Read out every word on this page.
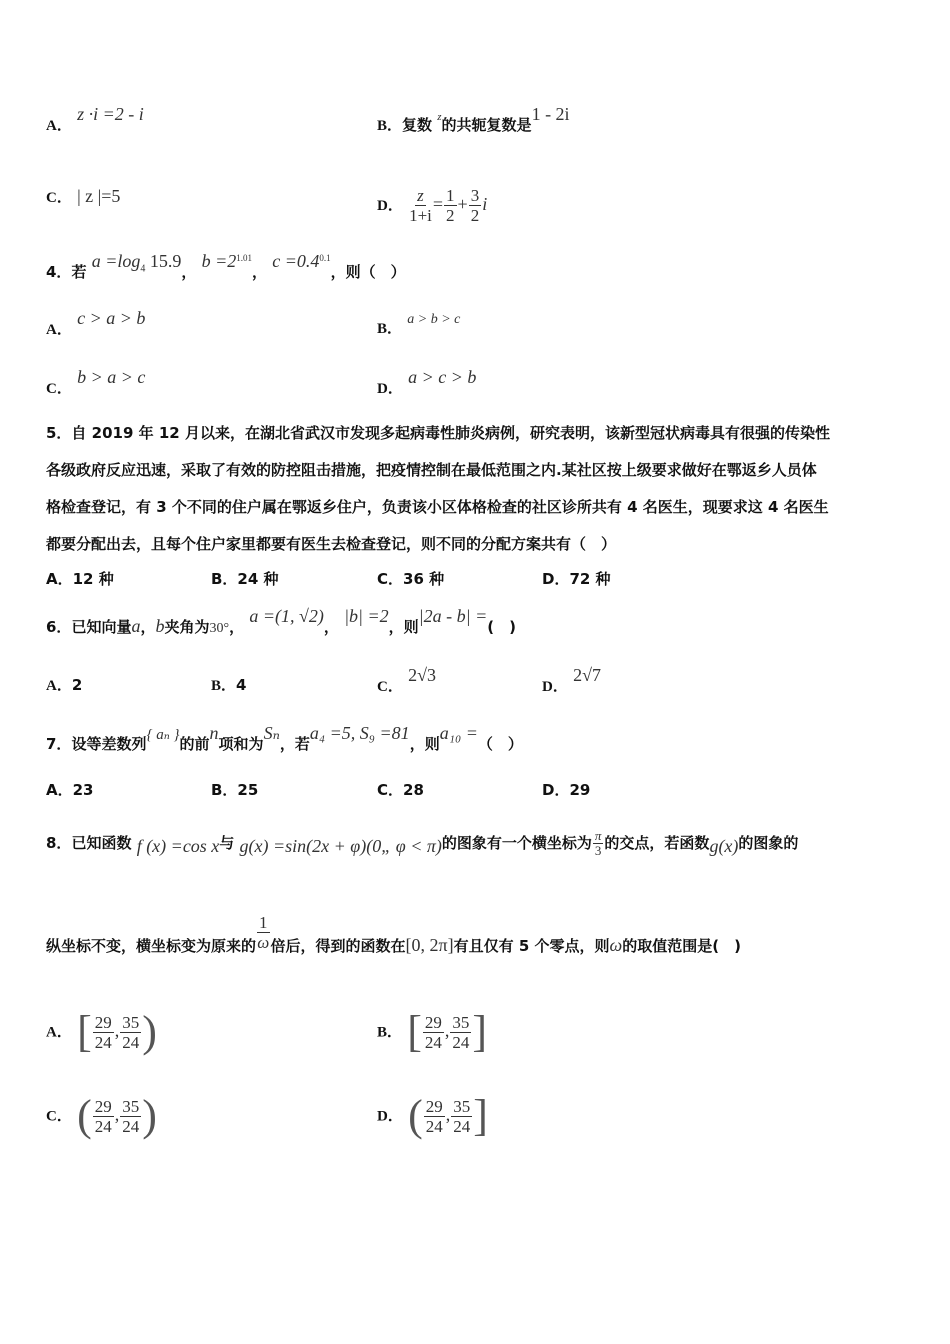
A． z ·i =2 - i
B．复数 $^z$的共轭复数是1 - 2i
C． | z |=5	D． $\frac{z}{1+i} = \frac{1}{2} + \frac{3}{2}$ i
4．若 $a =\log_4$ 15.9， $b =2^{1.01}$， $c =0.4^{0.1}$，则（　）
A． c > a > b
B． a > b > c
C． b > a > c
D． a > c > b
5．自 2019 年 12 月以来，在湖北省武汉市发现多起病毒性肺炎病例，研究表明，该新型冠状病毒具有很强的传染性
各级政府反应迅速，采取了有效的防控阻击措施，把疫情控制在最低范围之内.某社区按上级要求做好在鄂返乡人员体
格检查登记，有 3 个不同的住户属在鄂返乡住户，负责该小区体格检查的社区诊所共有 4 名医生，现要求这 4 名医生
都要分配出去，且每个住户家里都要有医生去检查登记，则不同的分配方案共有（　）
A．12 种	B．24 种	C．36 种	D．72 种
6．已知向量a，b夹角为30°， a =(1, √2)， |b| =2，则|2a - b| =(　)
A．2	B．4	C． 2√3
D． 2√7
7．设等差数列{ aₙ }的前n项和为Sₙ，若a₄ =5, S₉ =81，则a₁₀ =（　）
A．23	B．25	C．28	D．29
8．已知函数 f (x) =cos x与 g(x) =sin(2x + φ)(0„ φ < π)的图象有一个横坐标为 $\frac{\pi}{3}$ 的交点，若函数g(x)的图象的
纵坐标不变，横坐标变为原来的 $\frac{1}{\omega}$ 倍后，得到的函数在[0, 2π]有且仅有 5 个零点，则ω的取值范围是(　)
A． [ $\frac{29}{24}$ , $\frac{35}{24}$ )	B． [ $\frac{29}{24}$ , $\frac{35}{24}$ ]
C． ( $\frac{29}{24}$ , $\frac{35}{24}$ )	D． ( $\frac{29}{24}$ , $\frac{35}{24}$ ]
